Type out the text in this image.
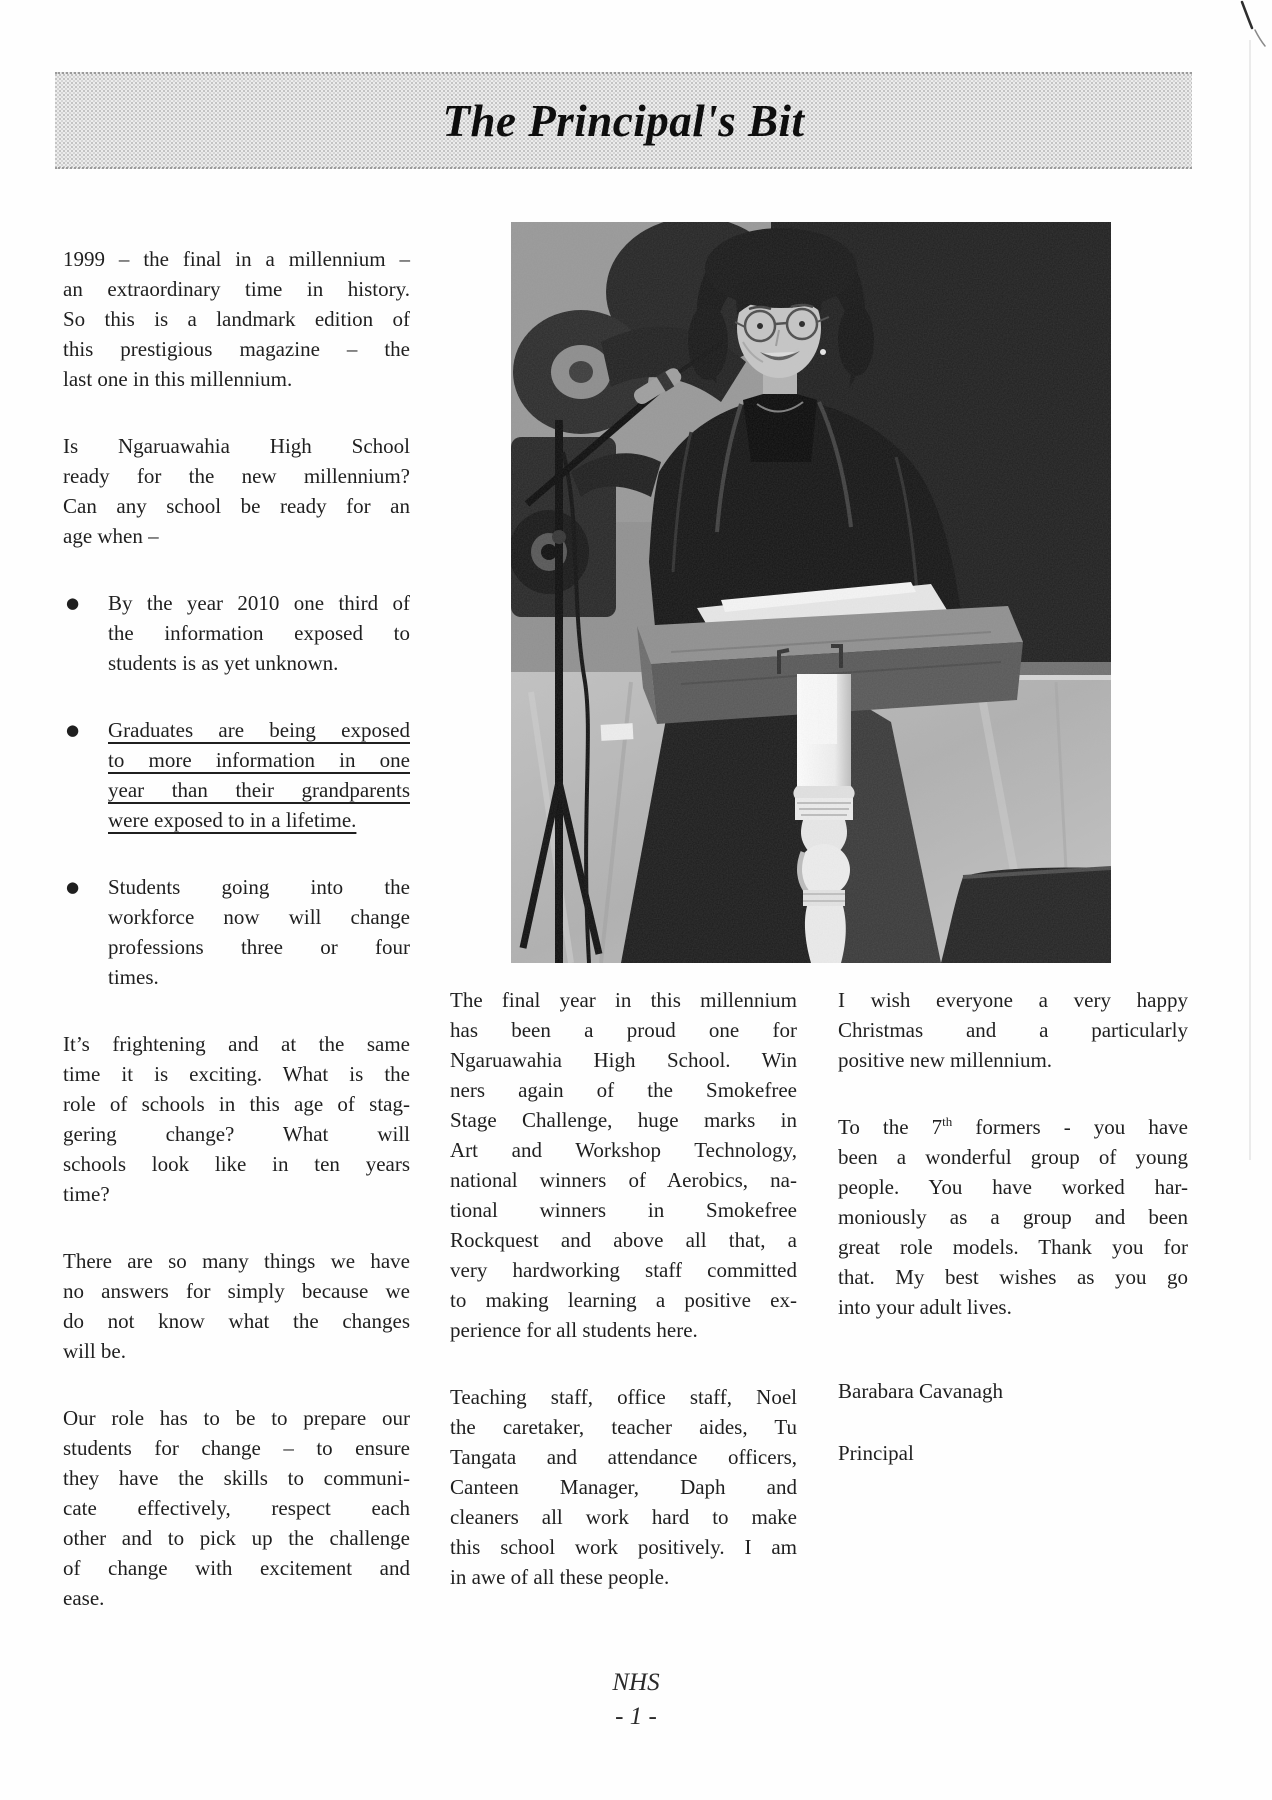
The Principal's Bit
1999 – the final in a millennium –
an extraordinary time in history.
So this is a landmark edition of
this prestigious magazine – the
last one in this millennium.
Is Ngaruawahia High School
ready for the new millennium?
Can any school be ready for an
age when –
●	By the year 2010 one third of
the information exposed to
students is as yet unknown.
●	Graduates are being exposed
to more information in one
year than their grandparents
were exposed to in a lifetime.
●	Students going into the
workforce now will change
professions three or four
times.
It’s frightening and at the same
time it is exciting. What is the
role of schools in this age of stag-
gering change? What will
schools look like in ten years
time?
There are so many things we have
no answers for simply because we
do not know what the changes
will be.
Our role has to be to prepare our
students for change – to ensure
they have the skills to communi-
cate effectively, respect each
other and to pick up the challenge
of change with excitement and
ease.
The final year in this millennium
has been a proud one for
Ngaruawahia High School. Win
ners again of the Smokefree
Stage Challenge, huge marks in
Art and Workshop Technology,
national winners of Aerobics, na-
tional winners in Smokefree
Rockquest and above all that, a
very hardworking staff committed
to making learning a positive ex-
perience for all students here.
Teaching staff, office staff, Noel
the caretaker, teacher aides, Tu
Tangata and attendance officers,
Canteen Manager, Daph and
cleaners all work hard to make
this school work positively. I am
in awe of all these people.
I wish everyone a very happy
Christmas and a particularly
positive new millennium.
To the 7th formers - you have
been a wonderful group of young
people. You have worked har-
moniously as a group and been
great role models. Thank you for
that. My best wishes as you go
into your adult lives.
Barabara Cavanagh
Principal
NHS
- 1 -
